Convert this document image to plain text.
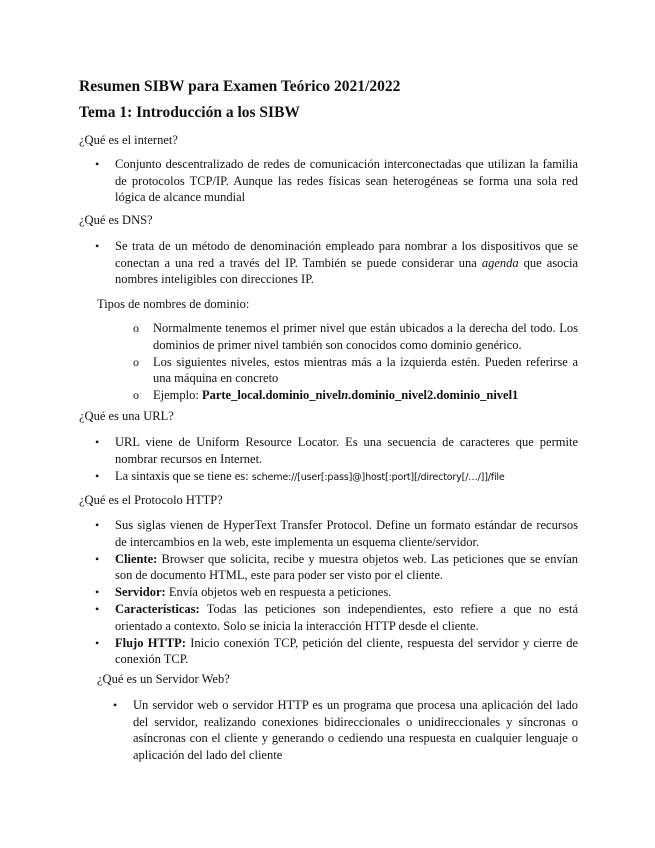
Resumen SIBW para Examen Teórico 2021/2022
Tema 1: Introducción a los SIBW

¿Qué es el internet?

• Conjunto descentralizado de redes de comunicación interconectadas que utilizan la familia de protocolos TCP/IP. Aunque las redes físicas sean heterogéneas se forma una sola red lógica de alcance mundial

¿Qué es DNS?

• Se trata de un método de denominación empleado para nombrar a los dispositivos que se conectan a una red a través del IP. También se puede considerar una agenda que asocia nombres inteligibles con direcciones IP.

Tipos de nombres de dominio:

o Normalmente tenemos el primer nivel que están ubicados a la derecha del todo. Los dominios de primer nivel también son conocidos como dominio genérico.
o Los siguientes niveles, estos mientras más a la izquierda estén. Pueden referirse a una máquina en concreto
o Ejemplo: Parte_local.dominio_niveln.dominio_nivel2.dominio_nivel1

¿Qué es una URL?

• URL viene de Uniform Resource Locator. Es una secuencia de caracteres que permite nombrar recursos en Internet.
• La sintaxis que se tiene es: scheme://[user[:pass]@]host[:port][/directory[/…/]]/file

¿Qué es el Protocolo HTTP?

• Sus siglas vienen de HyperText Transfer Protocol. Define un formato estándar de recursos de intercambios en la web, este implementa un esquema cliente/servidor.
• Cliente: Browser que solicita, recibe y muestra objetos web. Las peticiones que se envían son de documento HTML, este para poder ser visto por el cliente.
• Servidor: Envía objetos web en respuesta a peticiones.
• Características: Todas las peticiones son independientes, esto refiere a que no está orientado a contexto. Solo se inicia la interacción HTTP desde el cliente.
• Flujo HTTP: Inicio conexión TCP, petición del cliente, respuesta del servidor y cierre de conexión TCP.

¿Qué es un Servidor Web?

• Un servidor web o servidor HTTP es un programa que procesa una aplicación del lado del servidor, realizando conexiones bidireccionales o unidireccionales y síncronas o asíncronas con el cliente y generando o cediendo una respuesta en cualquier lenguaje o aplicación del lado del cliente
